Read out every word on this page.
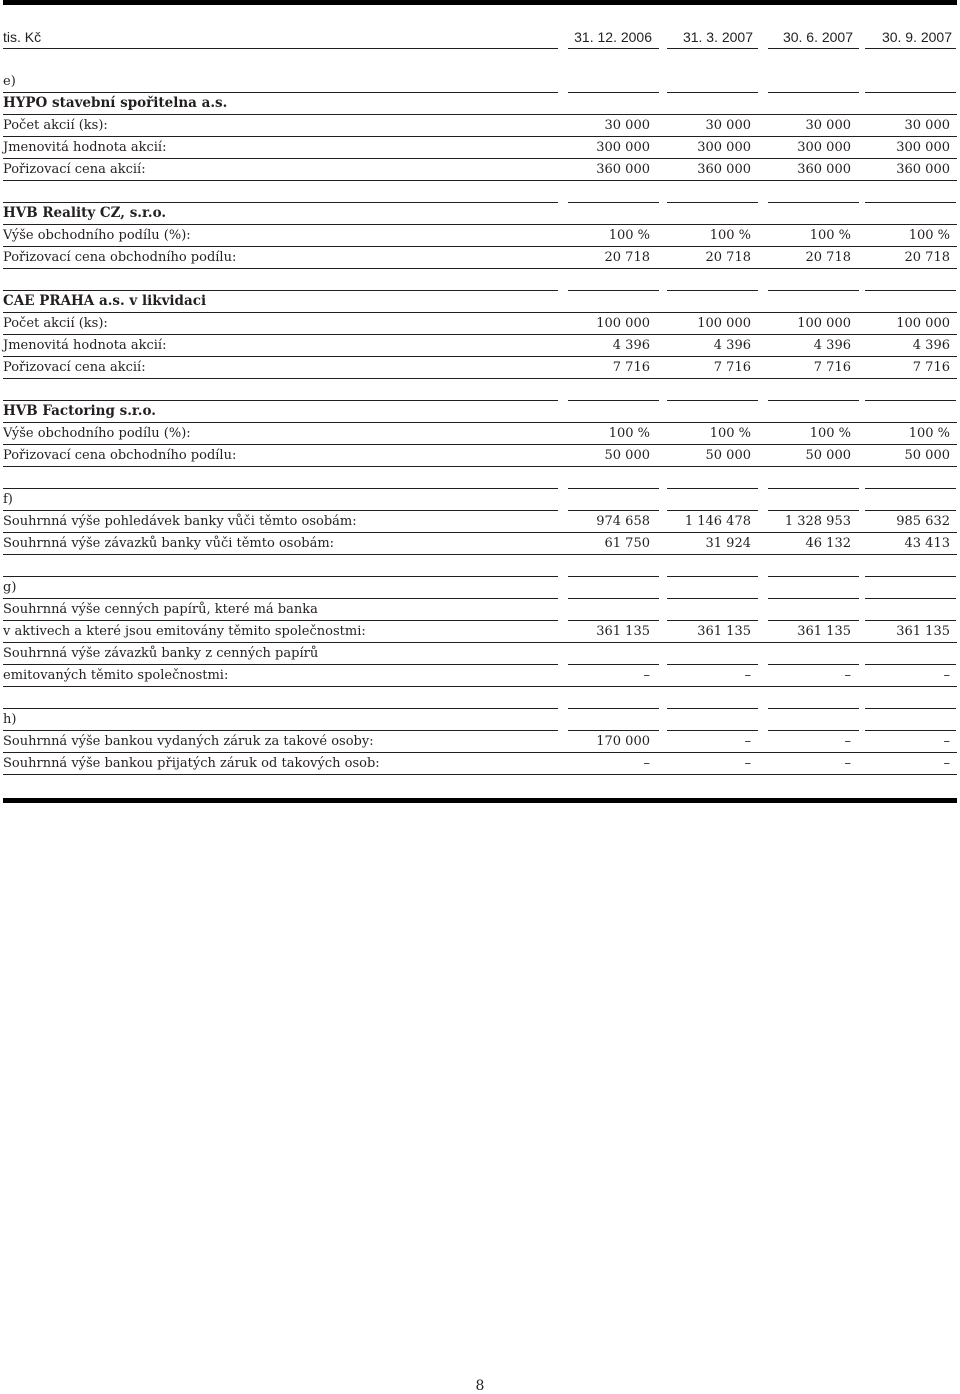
tis. Kč	31. 12. 2006	31. 3. 2007	30. 6. 2007	30. 9. 2007
e)
HYPO stavební spořitelna a.s.
Počet akcií (ks):	30 000	30 000	30 000	30 000
Jmenovitá hodnota akcií:	300 000	300 000	300 000	300 000
Pořizovací cena akcií:	360 000	360 000	360 000	360 000
HVB Reality CZ, s.r.o.
Výše obchodního podílu (%):	100 %	100 %	100 %	100 %
Pořizovací cena obchodního podílu:	20 718	20 718	20 718	20 718
CAE PRAHA a.s. v likvidaci
Počet akcií (ks):	100 000	100 000	100 000	100 000
Jmenovitá hodnota akcií:	4 396	4 396	4 396	4 396
Pořizovací cena akcií:	7 716	7 716	7 716	7 716
HVB Factoring s.r.o.
Výše obchodního podílu (%):	100 %	100 %	100 %	100 %
Pořizovací cena obchodního podílu:	50 000	50 000	50 000	50 000
f)
Souhrnná výše pohledávek banky vůči těmto osobám:	974 658	1 146 478	1 328 953	985 632
Souhrnná výše závazků banky vůči těmto osobám:	61 750	31 924	46 132	43 413
g)
Souhrnná výše cenných papírů, které má banka
v aktivech a které jsou emitovány těmito společnostmi:	361 135	361 135	361 135	361 135
Souhrnná výše závazků banky z cenných papírů
emitovaných těmito společnostmi:	–	–	–	–
h)
Souhrnná výše bankou vydaných záruk za takové osoby:	170 000	–	–	–
Souhrnná výše bankou přijatých záruk od takových osob:	–	–	–	–
8
